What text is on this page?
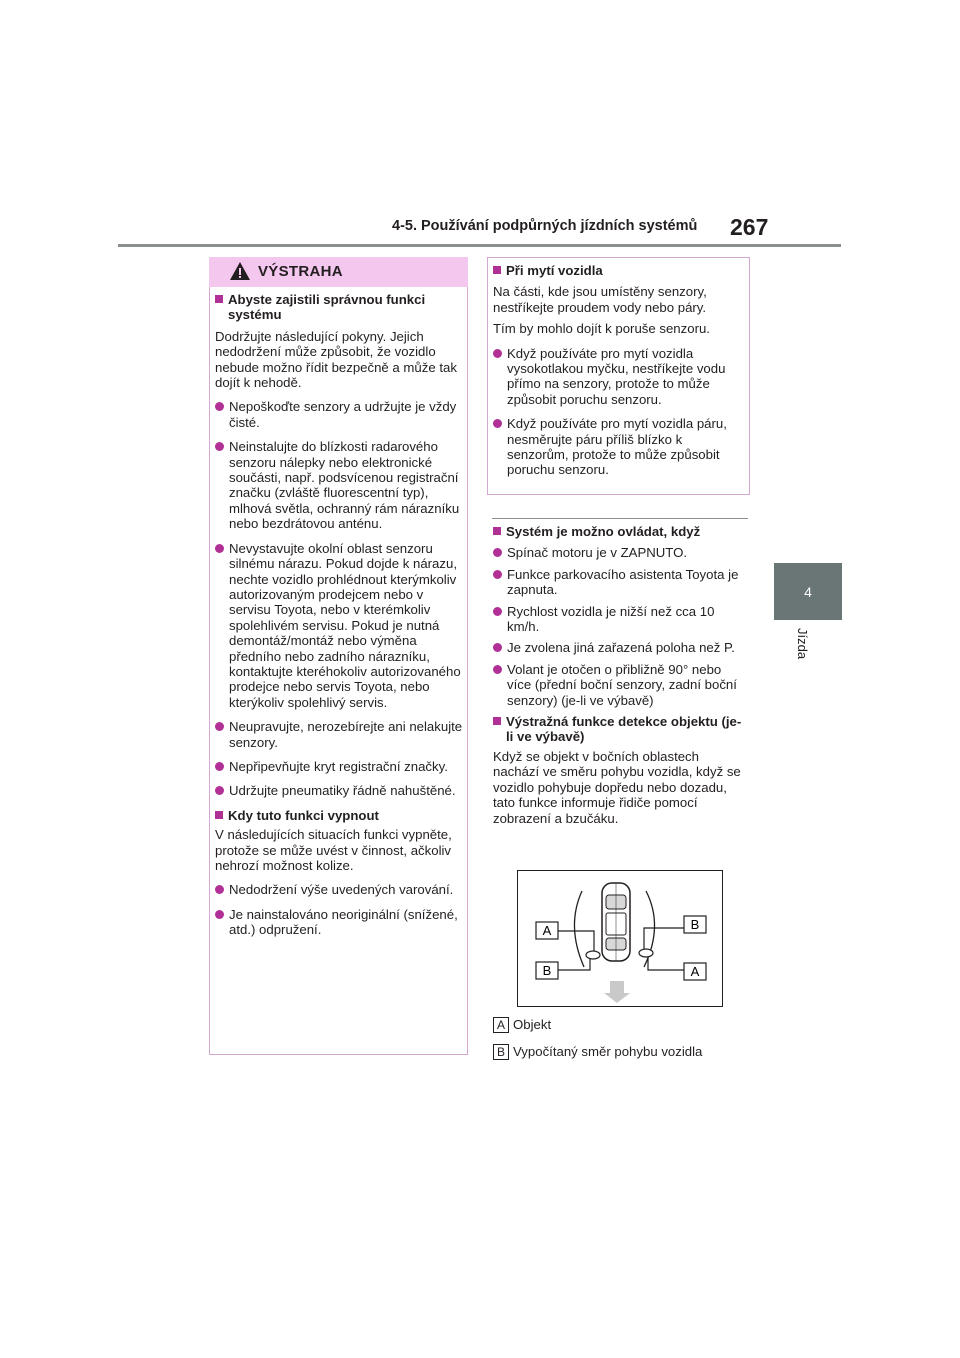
4-5. Používání podpůrných jízdních systémů 267
4
Jízda
VÝSTRAHA

Abyste zajistili správnou funkci systému

Dodržujte následující pokyny. Jejich nedodržení může způsobit, že vozidlo nebude možno řídit bezpečně a může tak dojít k nehodě.

Nepoškoďte senzory a udržujte je vždy čisté.
Neinstalujte do blízkosti radarového senzoru nálepky nebo elektronické součásti, např. podsvícenou registrační značku (zvláště fluorescentní typ), mlhová světla, ochranný rám nárazníku nebo bezdrátovou anténu.
Nevystavujte okolní oblast senzoru silnému nárazu. Pokud dojde k nárazu, nechte vozidlo prohlédnout kterýmkoliv autorizovaným prodejcem nebo v servisu Toyota, nebo v kterémkoliv spolehlivém servisu. Pokud je nutná demontáž/montáž nebo výměna předního nebo zadního nárazníku, kontaktujte kteréhokoliv autorizovaného prodejce nebo servis Toyota, nebo kterýkoliv spolehlivý servis.
Neupravujte, nerozebírejte ani nelakujte senzory.
Nepřipevňujte kryt registrační značky.
Udržujte pneumatiky řádně nahuštěné.

Kdy tuto funkci vypnout

V následujících situacích funkci vypněte, protože se může uvést v činnost, ačkoliv nehrozí možnost kolize.

Nedodržení výše uvedených varování.
Je nainstalováno neoriginální (snížené, atd.) odpružení.

Při mytí vozidla

Na části, kde jsou umístěny senzory, nestříkejte proudem vody nebo páry.

Tím by mohlo dojít k poruše senzoru.

Když používáte pro mytí vozidla vysokotlakou myčku, nestříkejte vodu přímo na senzory, protože to může způsobit poruchu senzoru.
Když používáte pro mytí vozidla páru, nesměrujte páru příliš blízko k senzorům, protože to může způsobit poruchu senzoru.

Systém je možno ovládat, když

Spínač motoru je v ZAPNUTO.
Funkce parkovacího asistenta Toyota je zapnuta.
Rychlost vozidla je nižší než cca 10 km/h.
Je zvolena jiná zařazená poloha než P.
Volant je otočen o přibližně 90° nebo více (přední boční senzory, zadní boční senzory) (je-li ve výbavě)

Výstražná funkce detekce objektu (je-li ve výbavě)

Když se objekt v bočních oblastech nachází ve směru pohybu vozidla, když se vozidlo pohybuje dopředu nebo dozadu, tato funkce informuje řidiče pomocí zobrazení a bzučáku.

A	B
B	A
A Objekt
B Vypočítaný směr pohybu vozidla
